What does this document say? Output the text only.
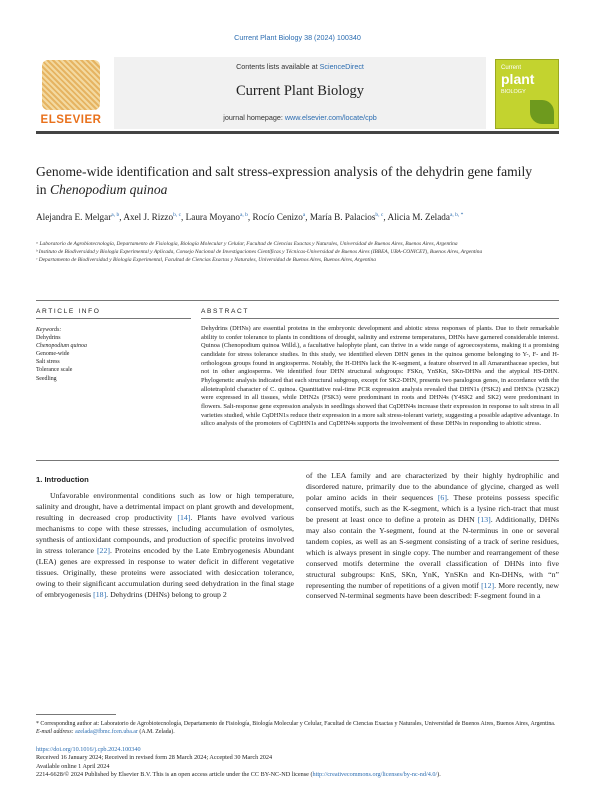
Current Plant Biology 38 (2024) 100340
ELSEVIER
Contents lists available at ScienceDirect
Current Plant Biology
journal homepage: www.elsevier.com/locate/cpb
Current
plant
BIOLOGY
Genome-wide identification and salt stress-expression analysis of the dehydrin gene family in Chenopodium quinoa
Alejandra E. Melgar$^{a, b}$, Axel J. Rizzo$^{b, c}$, Laura Moyano$^{a, b}$, Rocío Cenizo$^a$, María B. Palacios$^{b, c}$, Alicia M. Zelada$^{a, b, *}$

ᵃ Laboratorio de Agrobiotecnología, Departamento de Fisiología, Biología Molecular y Celular, Facultad de Ciencias Exactas y Naturales, Universidad de Buenos Aires, Buenos Aires, Argentina

ᵇ Instituto de Biodiversidad y Biología Experimental y Aplicada, Consejo Nacional de Investigaciones Científicas y Técnicas-Universidad de Buenos Aires (IBBEA, UBA-CONICET), Buenos Aires, Argentina

ᶜ Departamento de Biodiversidad y Biología Experimental, Facultad de Ciencias Exactas y Naturales, Universidad de Buenos Aires, Buenos Aires, Argentina

ARTICLE INFO	ABSTRACT
Keywords:
Dehydrins
Chenopodium quinoa
Genome-wide
Salt stress
Tolerance scale
Seedling
Dehydrins (DHNs) are essential proteins in the embryonic development and abiotic stress responses of plants. Due to their remarkable ability to confer tolerance to plants in conditions of drought, salinity and extreme temperatures, DHNs have garnered considerable interest. Quinoa (Chenopodium quinoa Willd.), a facultative halophyte plant, can thrive in a wide range of agroecosystems, making it a promising candidate for stress tolerance studies. In this study, we identified eleven DHN genes in the quinoa genome belonging to Y-, F- and H-orthologous groups found in angiosperms. Notably, the H-DHNs lack the K-segment, a feature observed in all Amaranthaceae species, but not in other angiosperms. We identified four DHN structural subgroups: FSKn, YnSKn, SKn-DHNs and the atypical HS-DHN. Phylogenetic analysis indicated that each structural subgroup, except for SK2-DHN, presents two paralogous genes, in accordance with the allotetraploid character of C. quinoa. Quantitative real-time PCR expression analysis revealed that DHN1s (FSK2) and DHN3s (Y2SK2) were expressed in all tissues, while DHN2s (FSK3) were predominant in roots and DHN4s (Y4SK2 and SK2) were predominant in flowers. Salt-response gene expression analysis in seedlings showed that CqDHN4s increase their expression in response to salt stress in all varieties studied, while CqDHN1s reduce their expression in a more salt stress-tolerant variety, suggesting a possible adaptive advantage. In silico analysis of the promoters of CqDHN1s and CqDHN4s supports the involvement of these DHNs in responding to abiotic stress.
1. Introduction

Unfavorable environmental conditions such as low or high temperature, salinity and drought, have a detrimental impact on plant growth and development, resulting in decreased crop productivity [14]. Plants have evolved various mechanisms to cope with these stresses, including accumulation of osmolytes, synthesis of antioxidant compounds, and production of specific proteins involved in stress tolerance [22]. Proteins encoded by the Late Embryogenesis Abundant (LEA) genes are expressed in response to water deficit in different vegetative tissues. Originally, these proteins were associated with desiccation tolerance, owing to their significant accumulation during seed dehydration in the final stage of embryogenesis [18]. Dehydrins (DHNs) belong to group 2

of the LEA family and are characterized by their highly hydrophilic and disordered nature, primarily due to the abundance of glycine, charged as well polar amino acids in their sequences [6]. These proteins possess specific conserved motifs, such as the K-segment, which is a lysine rich-tract that must be present at least once to define a protein as DHN [13]. Additionally, DHNs may also contain the Y-segment, found at the N-terminus in one or several tandem copies, as well as an S-segment consisting of a track of serine residues, which is always present in single copy. The number and rearrangement of these conserved motifs determine the overall classification of DHNs into five structural subgroups: KnS, SKn, YnK, YnSKn and Kn-DHNs, with “n” representing the number of repetitions of a given motif [12]. More recently, new conserved N-terminal segments have been described: F-segment found in a

* Corresponding author at: Laboratorio de Agrobiotecnología, Departamento de Fisiología, Biología Molecular y Celular, Facultad de Ciencias Exactas y Naturales, Universidad de Buenos Aires, Buenos Aires, Argentina.

E-mail address: azelada@fbmc.fcen.uba.ar (A.M. Zelada).

https://doi.org/10.1016/j.cpb.2024.100340

Received 16 January 2024; Received in revised form 28 March 2024; Accepted 30 March 2024

Available online 1 April 2024

2214-6628/© 2024 Published by Elsevier B.V. This is an open access article under the CC BY-NC-ND license (http://creativecommons.org/licenses/by-nc-nd/4.0/).
